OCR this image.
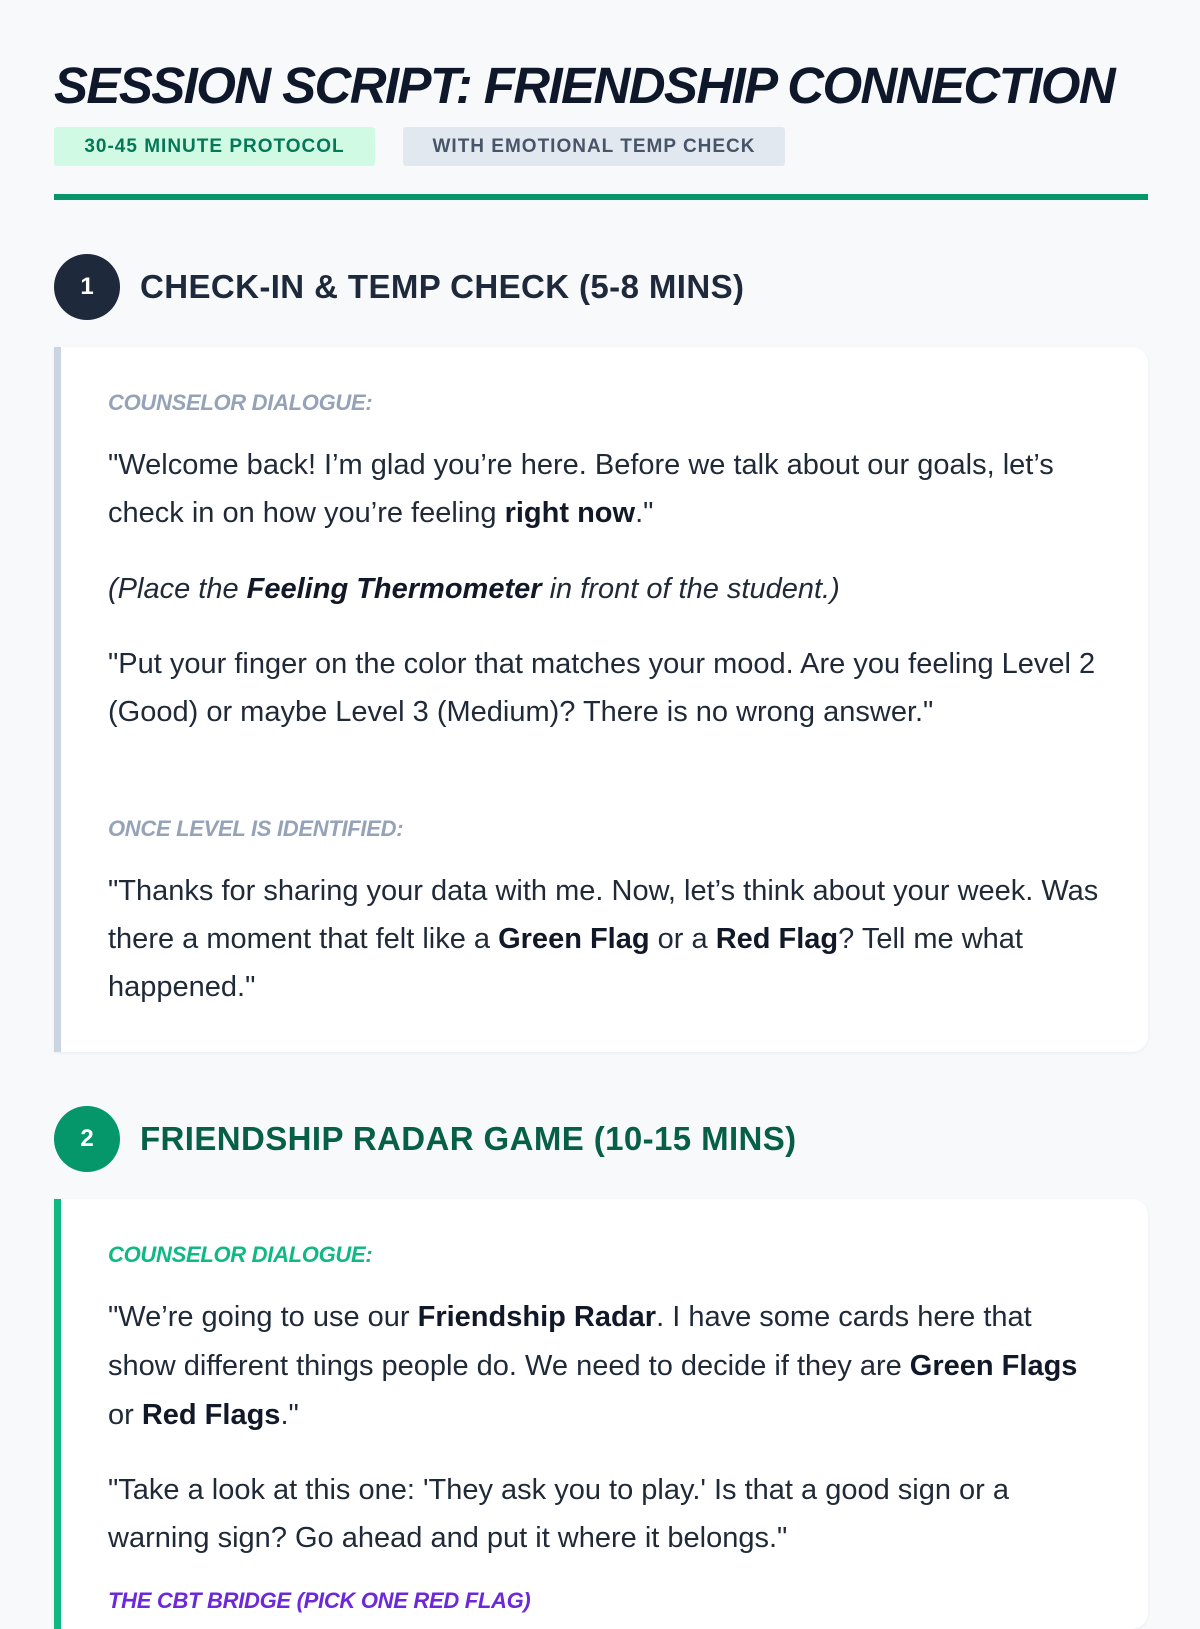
SESSION SCRIPT: FRIENDSHIP CONNECTION
30-45 MINUTE PROTOCOL	WITH EMOTIONAL TEMP CHECK
1	CHECK-IN & TEMP CHECK (5-8 MINS)

COUNSELOR DIALOGUE:

"Welcome back! I’m glad you’re here. Before we talk about our goals, let’s check in on how you’re feeling right now."

(Place the Feeling Thermometer in front of the student.)

"Put your finger on the color that matches your mood. Are you feeling Level 2 (Good) or maybe Level 3 (Medium)? There is no wrong answer."

ONCE LEVEL IS IDENTIFIED:

"Thanks for sharing your data with me. Now, let’s think about your week. Was there a moment that felt like a Green Flag or a Red Flag? Tell me what happened."

2	FRIENDSHIP RADAR GAME (10-15 MINS)

COUNSELOR DIALOGUE:

"We’re going to use our Friendship Radar. I have some cards here that show different things people do. We need to decide if they are Green Flags or Red Flags."

"Take a look at this one: 'They ask you to play.' Is that a good sign or a warning sign? Go ahead and put it where it belongs."

THE CBT BRIDGE (PICK ONE RED FLAG)
